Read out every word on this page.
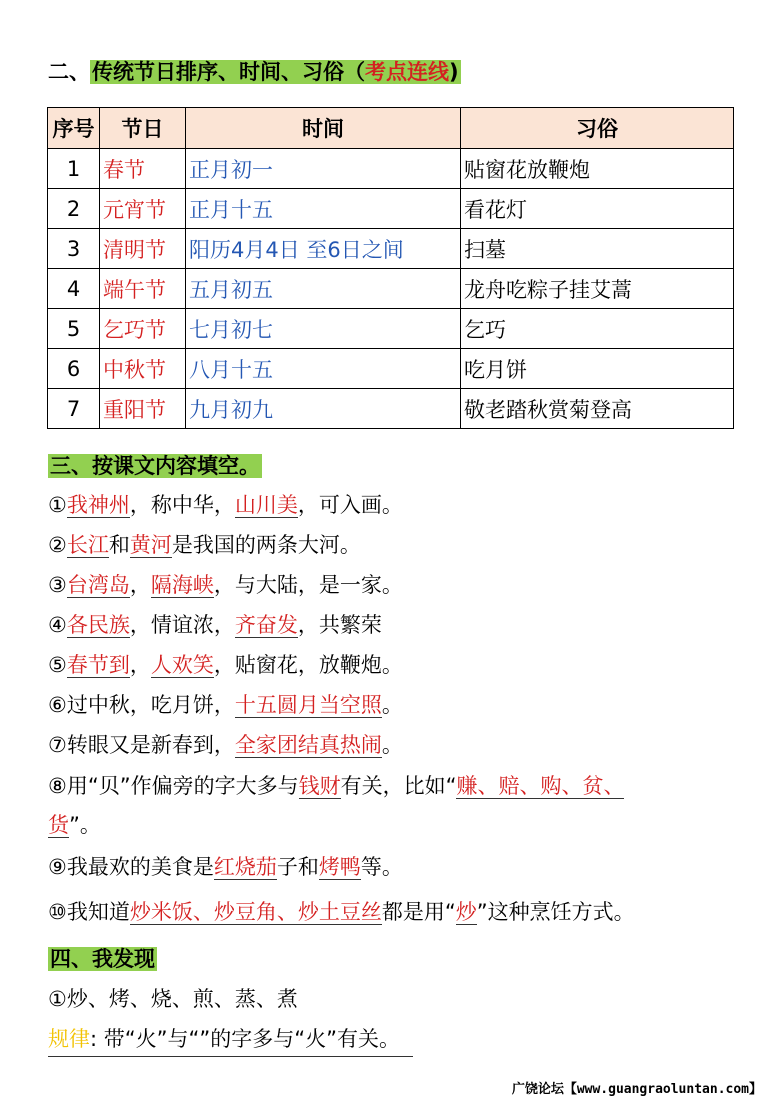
二、传统节日排序、时间、习俗（考点连线)
序号	节日	时间	习俗
1	春节	正月初一	贴窗花放鞭炮
2	元宵节	正月十五	看花灯
3	清明节	阳历4月4日 至6日之间	扫墓
4	端午节	五月初五	龙舟吃粽子挂艾蒿
5	乞巧节	七月初七	乞巧
6	中秋节	八月十五	吃月饼
7	重阳节	九月初九	敬老踏秋赏菊登高
三、按课文内容填空。
①我神州，称中华，山川美，可入画。
②长江和黄河是我国的两条大河。
③台湾岛，隔海峡，与大陆，是一家。
④各民族，情谊浓，齐奋发，共繁荣
⑤春节到，人欢笑，贴窗花，放鞭炮。
⑥过中秋，吃月饼，十五圆月当空照。
⑦转眼又是新春到，全家团结真热闹。
⑧用“贝”作偏旁的字大多与钱财有关，比如“赚、赔、购、贫、
货”。
⑨我最欢的美食是红烧茄子和烤鸭等。
⑩我知道炒米饭、炒豆角、炒土豆丝都是用“炒”这种烹饪方式。
四、我发现
①炒、烤、烧、煎、蒸、煮
规律: 带“火”与“”的字多与“火”有关。
广饶论坛【www.guangraoluntan.com】
